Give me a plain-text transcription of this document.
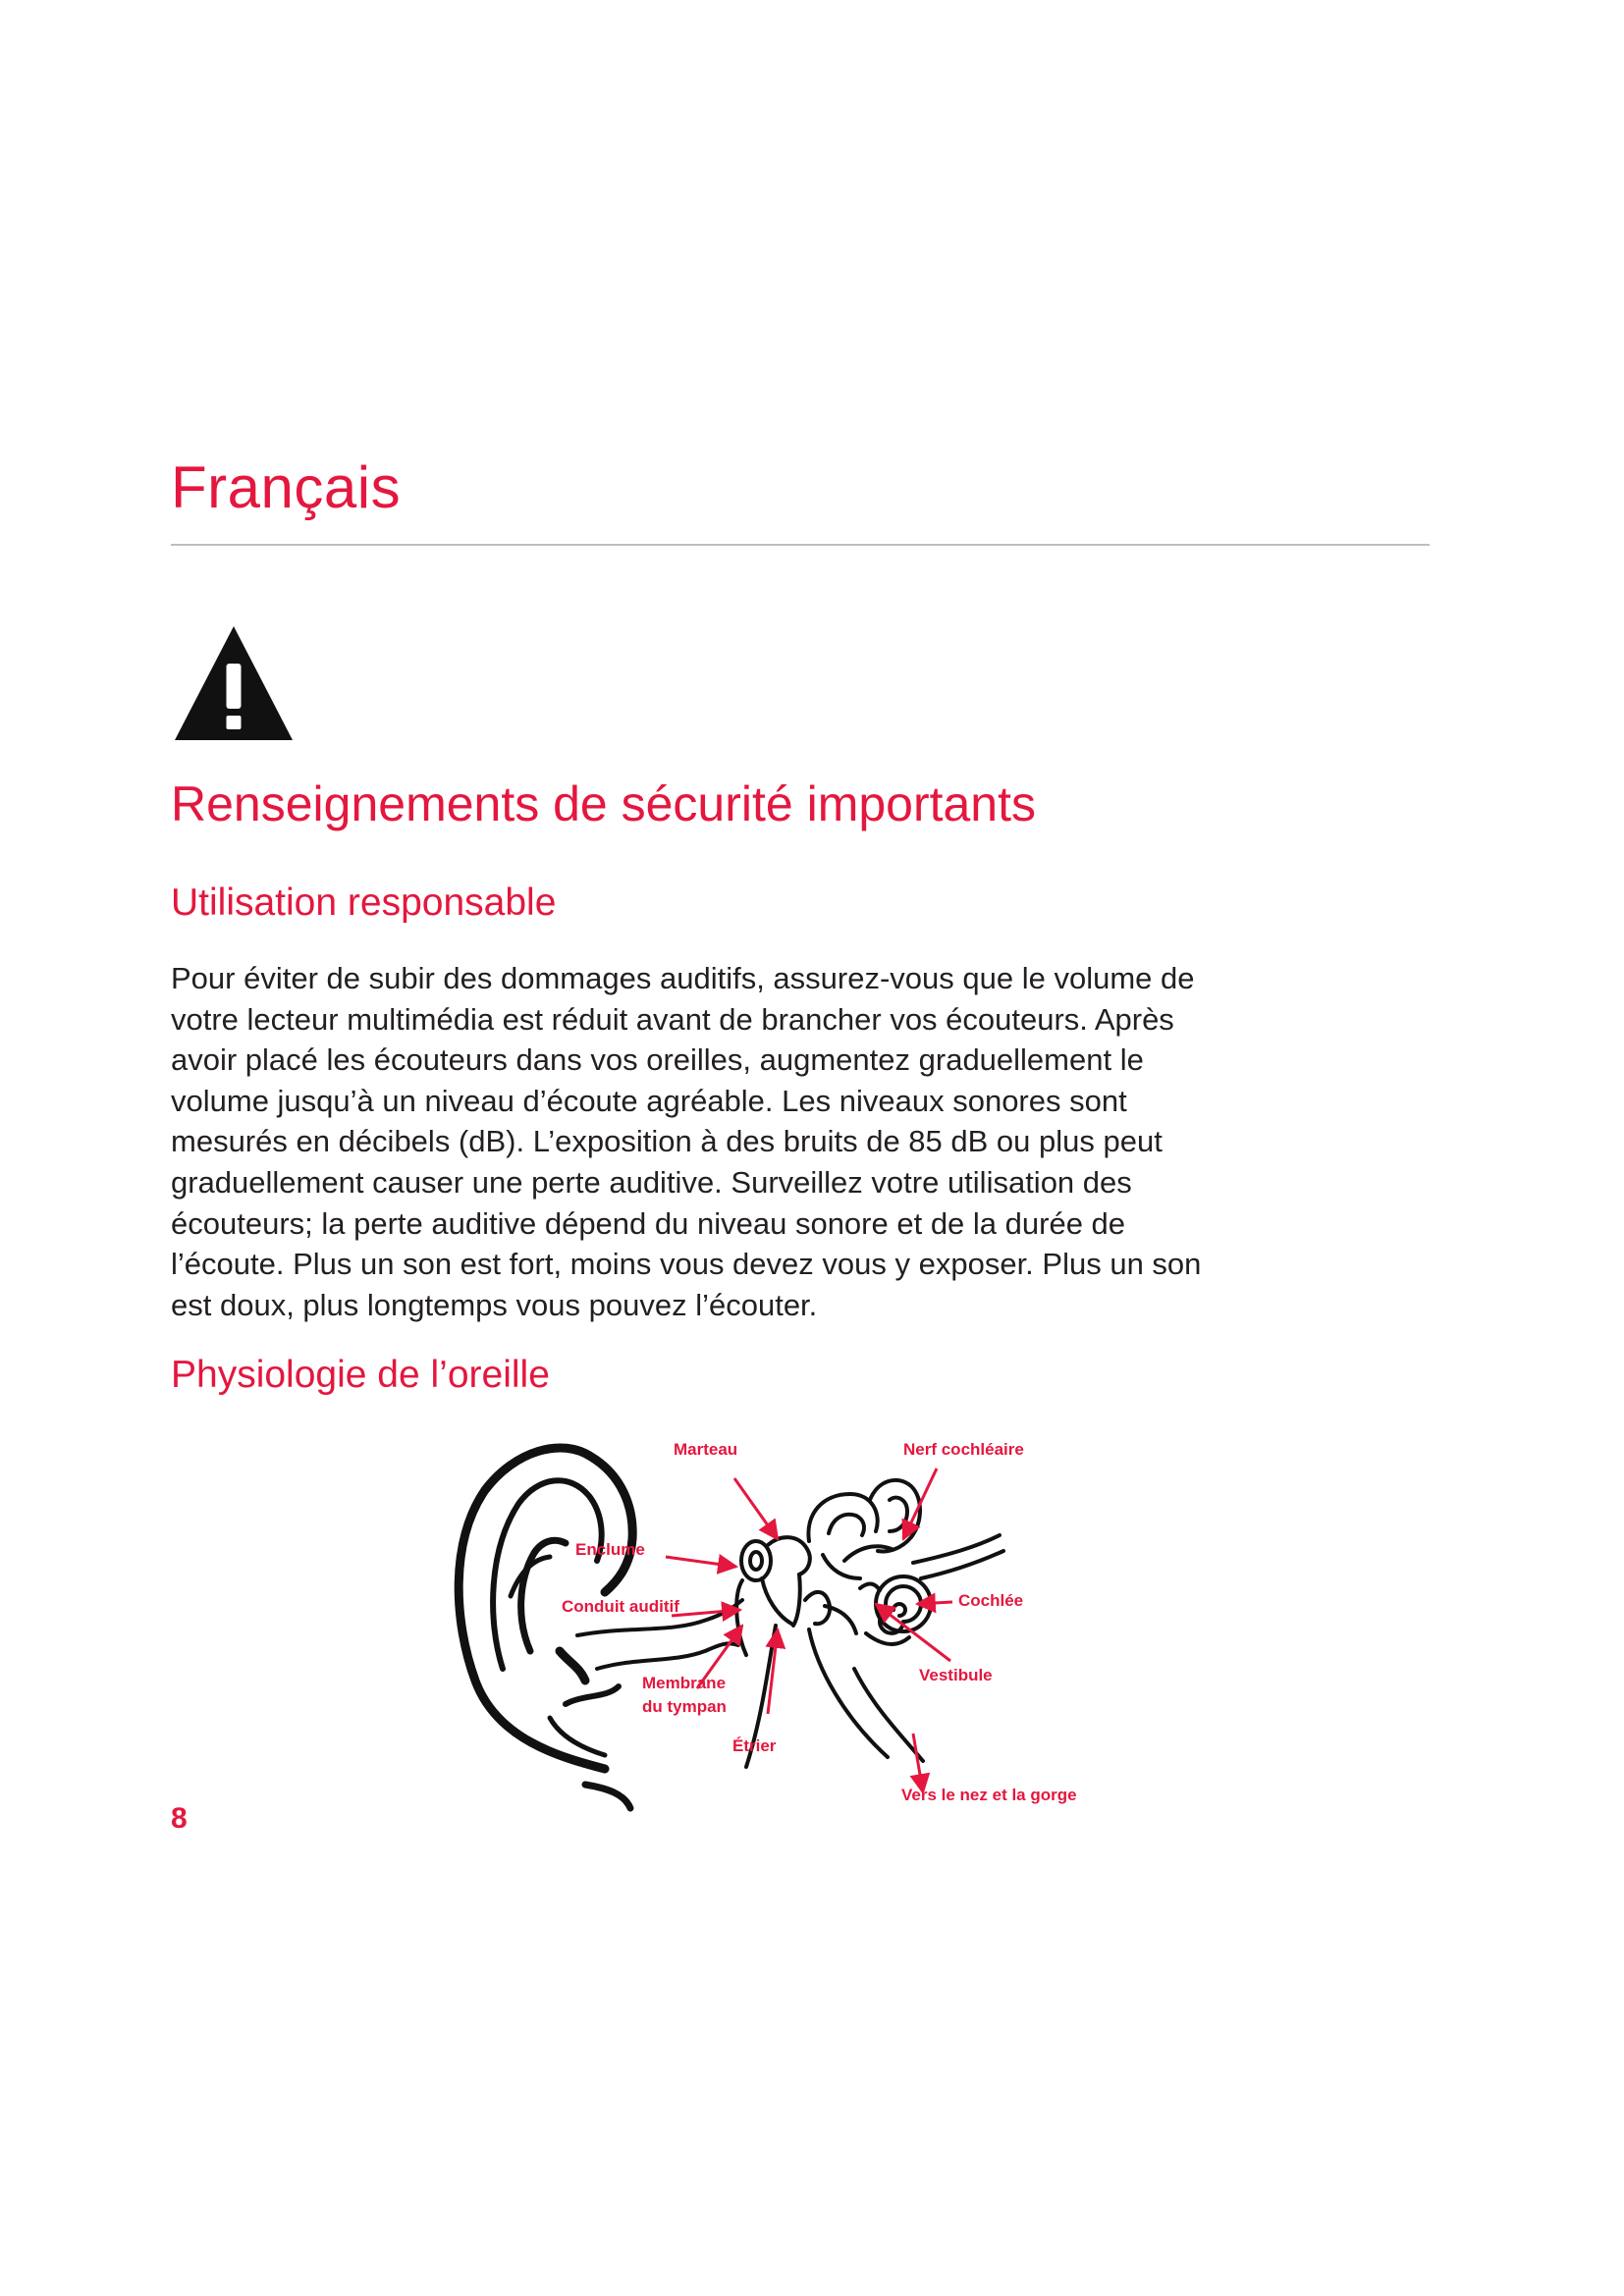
Français
Renseignements de sécurité importants
Utilisation responsable

Pour éviter de subir des dommages auditifs, assurez-vous que le volume de
votre lecteur multimédia est réduit avant de brancher vos écouteurs. Après
avoir placé les écouteurs dans vos oreilles, augmentez graduellement le
volume jusqu’à un niveau d’écoute agréable. Les niveaux sonores sont
mesurés en décibels (dB). L’exposition à des bruits de 85 dB ou plus peut
graduellement causer une perte auditive. Surveillez votre utilisation des
écouteurs; la perte auditive dépend du niveau sonore et de la durée de
l’écoute. Plus un son est fort, moins vous devez vous y exposer. Plus un son
est doux, plus longtemps vous pouvez l’écouter.

Physiologie de l’oreille
Marteau	Nerf cochléaire
Enclume
Conduit auditif	Cochlée
Vestibule
Membrane
du tympan
Étrier
Vers le nez et la gorge

8
